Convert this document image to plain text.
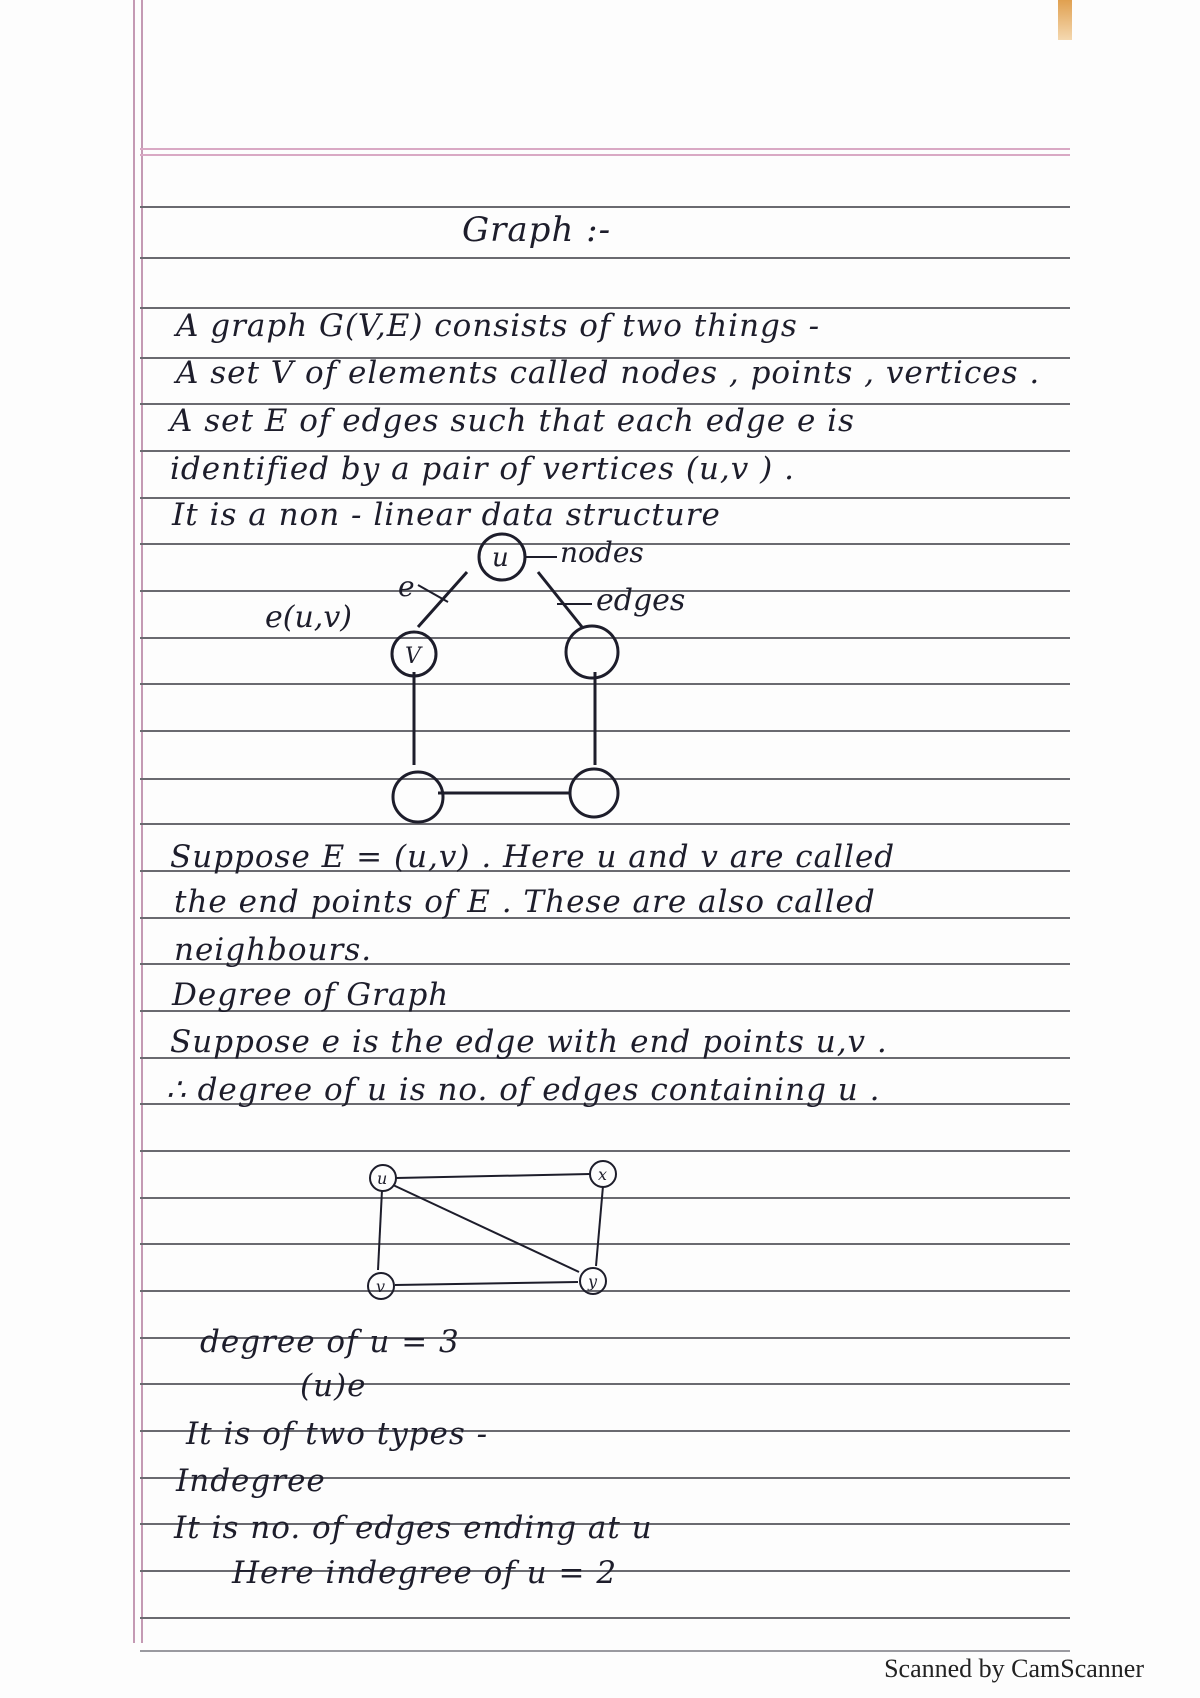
Graph :-

A graph G(V,E) consists of two things -

A set V of elements called nodes , points , vertices .

A set E of edges such that each edge e is

identified by a pair of vertices (u,v ) .

It is a non - linear data structure

u
V
nodes
edges
e
e(u,v)

Suppose E = (u,v) . Here u and v are called

the end points of E . These are also called

neighbours.

Degree of Graph

Suppose e is the edge with end points u,v .

∴ degree of u is no. of edges containing u .

u	x
v	y

degree of u = 3

(u)e

It is of two types -

Indegree

It is no. of edges ending at u

Here indegree of u = 2

Scanned by CamScanner
